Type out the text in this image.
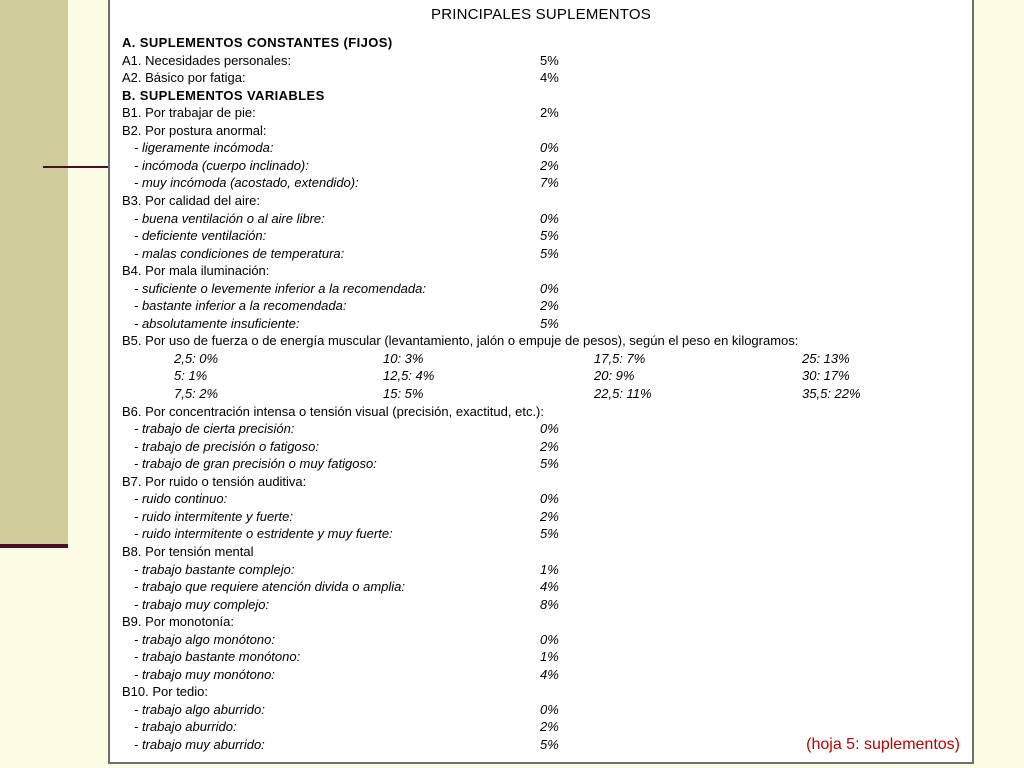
PRINCIPALES SUPLEMENTOS
A. SUPLEMENTOS CONSTANTES (FIJOS)
A1. Necesidades personales:	5%
A2. Básico por fatiga:	4%
B. SUPLEMENTOS VARIABLES
B1. Por trabajar de pie:	2%
B2. Por postura anormal:
- ligeramente incómoda:	0%
- incómoda (cuerpo inclinado):	2%
- muy incómoda (acostado, extendido):	7%
B3. Por calidad del aire:
- buena ventilación o al aire libre:	0%
- deficiente ventilación:	5%
- malas condiciones de temperatura:	5%
B4. Por mala iluminación:
- suficiente o levemente inferior a la recomendada:	0%
- bastante inferior a la recomendada:	2%
- absolutamente insuficiente:	5%
B5. Por uso de fuerza o de energía muscular (levantamiento, jalón o empuje de pesos), según el peso en kilogramos:
2,5: 0%	10: 3%	17,5: 7%	25: 13%
5: 1%	12,5: 4%	20: 9%	30: 17%
7,5: 2%	15: 5%	22,5: 11%	35,5: 22%
B6. Por concentración intensa o tensión visual (precisión, exactitud, etc.):
- trabajo de cierta precisión:	0%
- trabajo de precisión o fatigoso:	2%
- trabajo de gran precisión o muy fatigoso:	5%
B7. Por ruido o tensión auditiva:
- ruido continuo:	0%
- ruido intermitente y fuerte:	2%
- ruido intermitente o estridente y muy fuerte:	5%
B8. Por tensión mental
- trabajo bastante complejo:	1%
- trabajo que requiere atención divida o amplia:	4%
- trabajo muy complejo:	8%
B9. Por monotonía:
- trabajo algo monótono:	0%
- trabajo bastante monótono:	1%
- trabajo muy monótono:	4%
B10. Por tedio:
- trabajo algo aburrido:	0%
- trabajo aburrido:	2%
- trabajo muy aburrido:	5%	(hoja 5: suplementos)
